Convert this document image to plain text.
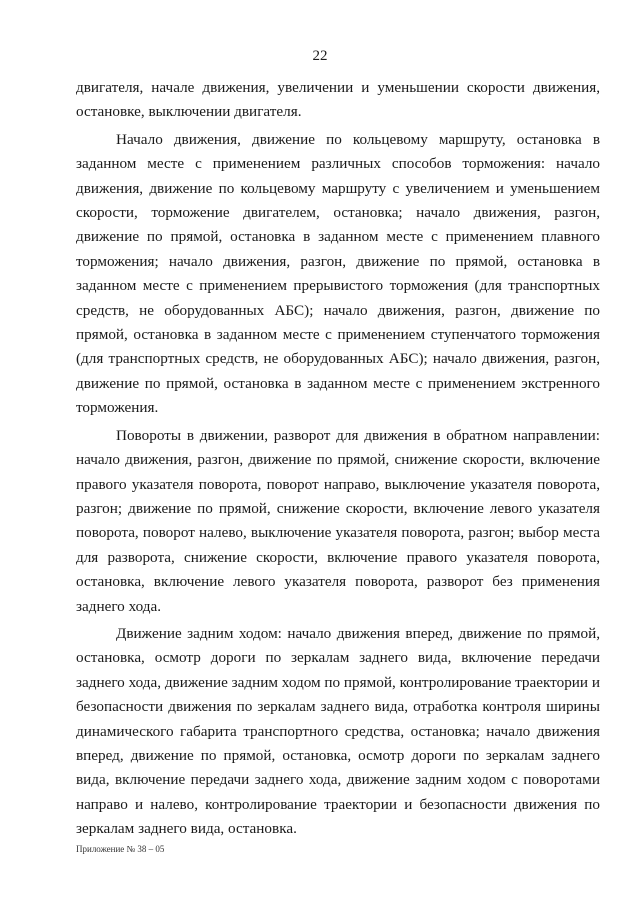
22

двигателя, начале движения, увеличении и уменьшении скорости движения, остановке, выключении двигателя.

Начало движения, движение по кольцевому маршруту, остановка в заданном месте с применением различных способов торможения: начало движения, движение по кольцевому маршруту с увеличением и уменьшением скорости, торможение двигателем, остановка; начало движения, разгон, движение по прямой, остановка в заданном месте с применением плавного торможения; начало движения, разгон, движение по прямой, остановка в заданном месте с применением прерывистого торможения (для транспортных средств, не оборудованных АБС); начало движения, разгон, движение по прямой, остановка в заданном месте с применением ступенчатого торможения (для транспортных средств, не оборудованных АБС); начало движения, разгон, движение по прямой, остановка в заданном месте с применением экстренного торможения.

Повороты в движении, разворот для движения в обратном направлении: начало движения, разгон, движение по прямой, снижение скорости, включение правого указателя поворота, поворот направо, выключение указателя поворота, разгон; движение по прямой, снижение скорости, включение левого указателя поворота, поворот налево, выключение указателя поворота, разгон; выбор места для разворота, снижение скорости, включение правого указателя поворота, остановка, включение левого указателя поворота, разворот без применения заднего хода.

Движение задним ходом: начало движения вперед, движение по прямой, остановка, осмотр дороги по зеркалам заднего вида, включение передачи заднего хода, движение задним ходом по прямой, контролирование траектории и безопасности движения по зеркалам заднего вида, отработка контроля ширины динамического габарита транспортного средства, остановка; начало движения вперед, движение по прямой, остановка, осмотр дороги по зеркалам заднего вида, включение передачи заднего хода, движение задним ходом с поворотами направо и налево, контролирование траектории и безопасности движения по зеркалам заднего вида, остановка.

Приложение № 38 – 05
